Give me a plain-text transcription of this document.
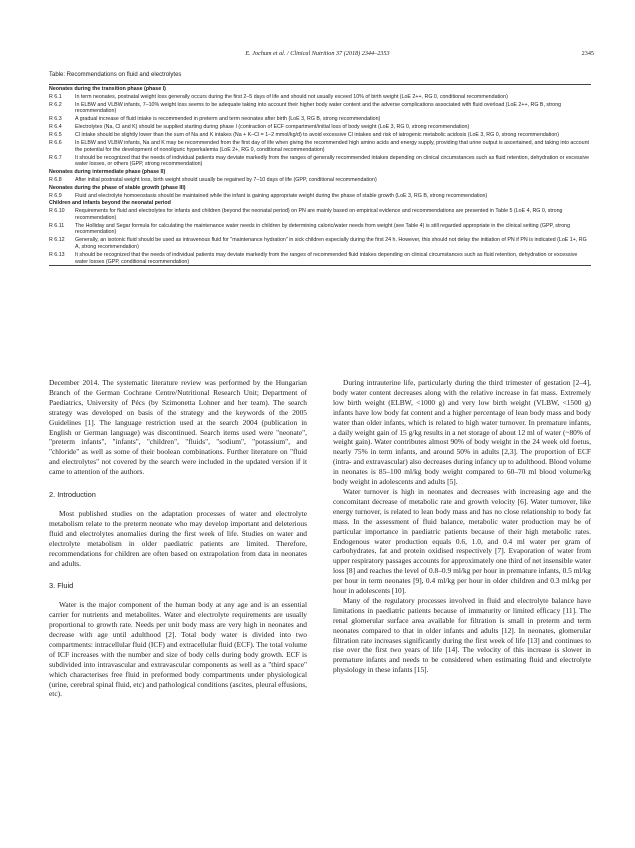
E. Jochum et al. / Clinical Nutrition 37 (2018) 2344–2353	2345
Table: Recommendations on fluid and electrolytes
Neonates during the transition phase (phase I)
R 6.1	In term neonates, postnatal weight loss generally occurs during the first 2–5 days of life and should not usually exceed 10% of birth weight (LoE 2++, RG 0, conditional recommendation)
R 6.2	In ELBW and VLBW infants, 7–10% weight loss seems to be adequate taking into account their higher body water content and the adverse complications associated with fluid overload (LoE 2++, RG B, strong recommendation)
R 6.3	A gradual increase of fluid intake is recommended in preterm and term neonates after birth (LoE 3, RG B, strong recommendation)
R 6.4	Electrolytes (Na, Cl and K) should be supplied starting during phase I (contraction of ECF compartment/initial loss of body weight (LoE 3, RG 0, strong recommendation)
R 6.5	Cl intake should be slightly lower than the sum of Na and K intakes (Na + K–Cl = 1–2 mmol/kg/d) to avoid excessive Cl intakes and risk of iatrogenic metabolic acidosis (LoE 3, RG 0, strong recommendation)
R 6.6	In ELBW and VLBW infants, Na and K may be recommended from the first day of life when giving the recommended high amino acids and energy supply, providing that urine output is ascertained, and taking into account the potential for the development of nonoliguric hyperkalemia (LoE 2+, RG 0, conditional recommendation)
R 6.7	It should be recognized that the needs of individual patients may deviate markedly from the ranges of generally recommended intakes depending on clinical circumstances such as fluid retention, dehydration or excessive water losses, or others (GPP, strong recommendation)
Neonates during intermediate phase (phase II)
R 6.8	After initial postnatal weight loss, birth weight should usually be regained by 7–10 days of life (GPP, conditional recommendation)
Neonates during the phase of stable growth (phase III)
R 6.9	Fluid and electrolyte homoeostasis should be maintained while the infant is gaining appropriate weight during the phase of stable growth (LoE 3, RG B, strong recommendation)
Children and infants beyond the neonatal period
R 6.10	Requirements for fluid and electrolytes for infants and children (beyond the neonatal period) on PN are mainly based on empirical evidence and recommendations are presented in Table 5 (LoE 4, RG 0, strong recommendation)
R 6.11	The Holliday and Segar formula for calculating the maintenance water needs in children by determining caloric/water needs from weight (see Table 4) is still regarded appropriate in the clinical setting (GPP, strong recommendation)
R 6.12	Generally, an isotonic fluid should be used as intravenous fluid for "maintenance hydration" in sick children especially during the first 24 h. However, this should not delay the initiation of PN if PN is indicated (LoE 1+, RG A, strong recommendation)
R 6.13	It should be recognized that the needs of individual patients may deviate markedly from the ranges of recommended fluid intakes depending on clinical circumstances such as fluid retention, dehydration or excessive water losses (GPP, conditional recommendation)

December 2014. The systematic literature review was performed by the Hungarian Branch of the German Cochrane Centre/Nutritional Research Unit; Department of Paediatrics, University of Pécs (by Szimonetta Lohner and her team). The search strategy was developed on basis of the strategy and the keywords of the 2005 Guidelines [1]. The language restriction used at the search 2004 (publication in English or German language) was discontinued. Search items used were "neonate", "preterm infants", "infants", "children", "fluids", "sodium", "potassium", and "chloride" as well as some of their boolean combinations. Further literature on "fluid and electrolytes" not covered by the search were included in the updated version if it came to attention of the authors.

2. Introduction

Most published studies on the adaptation processes of water and electrolyte metabolism relate to the preterm neonate who may develop important and deleterious fluid and electrolytes anomalies during the first week of life. Studies on water and electrolyte metabolism in older paediatric patients are limited. Therefore, recommendations for children are often based on extrapolation from data in neonates and adults.

3. Fluid

Water is the major component of the human body at any age and is an essential carrier for nutrients and metabolites. Water and electrolyte requirements are usually proportional to growth rate. Needs per unit body mass are very high in neonates and decrease with age until adulthood [2]. Total body water is divided into two compartments: intracellular fluid (ICF) and extracellular fluid (ECF). The total volume of ICF increases with the number and size of body cells during body growth. ECF is subdivided into intravascular and extravascular components as well as a "third space" which characterises free fluid in preformed body compartments under physiological (urine, cerebral spinal fluid, etc) and pathological conditions (ascites, pleural effusions, etc).

During intrauterine life, particularly during the third trimester of gestation [2–4], body water content decreases along with the relative increase in fat mass. Extremely low birth weight (ELBW, <1000 g) and very low birth weight (VLBW, <1500 g) infants have low body fat content and a higher percentage of lean body mass and body water than older infants, which is related to high water turnover. In premature infants, a daily weight gain of 15 g/kg results in a net storage of about 12 ml of water (~80% of weight gain). Water contributes almost 90% of body weight in the 24 week old foetus, nearly 75% in term infants, and around 50% in adults [2,3]. The proportion of ECF (intra- and extravascular) also decreases during infancy up to adulthood. Blood volume in neonates is 85–100 ml/kg body weight compared to 60–70 ml blood volume/kg body weight in adolescents and adults [5].

Water turnover is high in neonates and decreases with increasing age and the concomitant decrease of metabolic rate and growth velocity [6]. Water turnover, like energy turnover, is related to lean body mass and has no close relationship to body fat mass. In the assessment of fluid balance, metabolic water production may be of particular importance in paediatric patients because of their high metabolic rates. Endogenous water production equals 0.6, 1.0, and 0.4 ml water per gram of carbohydrates, fat and protein oxidised respectively [7]. Evaporation of water from upper respiratory passages accounts for approximately one third of net insensible water loss [8] and reaches the level of 0.8–0.9 ml/kg per hour in premature infants, 0.5 ml/kg per hour in term neonates [9], 0.4 ml/kg per hour in older children and 0.3 ml/kg per hour in adolescents [10].

Many of the regulatory processes involved in fluid and electrolyte balance have limitations in paediatric patients because of immaturity or limited efficacy [11]. The renal glomerular surface area available for filtration is small in preterm and term neonates compared to that in older infants and adults [12]. In neonates, glomerular filtration rate increases significantly during the first week of life [13] and continues to rise over the first two years of life [14]. The velocity of this increase is slower in premature infants and needs to be considered when estimating fluid and electrolyte physiology in these infants [15].
